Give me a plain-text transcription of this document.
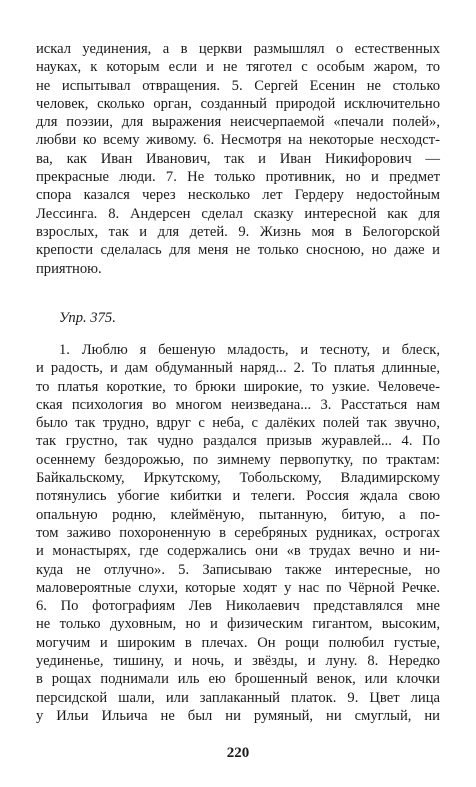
искал уединения, а в церкви размышлял о естественных
науках, к которым если и не тяготел с особым жаром, то
не испытывал отвращения. 5. Сергей Есенин не столько
человек, сколько орган, созданный природой исключительно
для поэзии, для выражения неисчерпаемой «печали полей»,
любви ко всему живому. 6. Несмотря на некоторые несходст-
ва, как Иван Иванович, так и Иван Никифорович —
прекрасные люди. 7. Не только противник, но и предмет
спора казался через несколько лет Гердеру недостойным
Лессинга. 8. Андерсен сделал сказку интересной как для
взрослых, так и для детей. 9. Жизнь моя в Белогорской
крепости сделалась для меня не только сносною, но даже и
приятною.
Упр. 375.
1. Люблю я бешеную младость, и тесноту, и блеск,
и радость, и дам обдуманный наряд... 2. То платья длинные,
то платья короткие, то брюки широкие, то узкие. Человече-
ская психология во многом неизведана... 3. Расстаться нам
было так трудно, вдруг с неба, с далёких полей так звучно,
так грустно, так чудно раздался призыв журавлей... 4. По
осеннему бездорожью, по зимнему первопутку, по трактам:
Байкальскому, Иркутскому, Тобольскому, Владимирскому
потянулись убогие кибитки и телеги. Россия ждала свою
опальную родню, клеймёную, пытанную, битую, а по-
том заживо похороненную в серебряных рудниках, острогах
и монастырях, где содержались они «в трудах вечно и ни-
куда не отлучно». 5. Записываю также интересные, но
маловероятные слухи, которые ходят у нас по Чёрной Речке.
6. По фотографиям Лев Николаевич представлялся мне
не только духовным, но и физическим гигантом, высоким,
могучим и широким в плечах. Он рощи полюбил густые,
уединенье, тишину, и ночь, и звёзды, и луну. 8. Нередко
в рощах поднимали иль ею брошенный венок, или клочки
персидской шали, или заплаканный платок. 9. Цвет лица
у Ильи Ильича не был ни румяный, ни смуглый, ни
220
